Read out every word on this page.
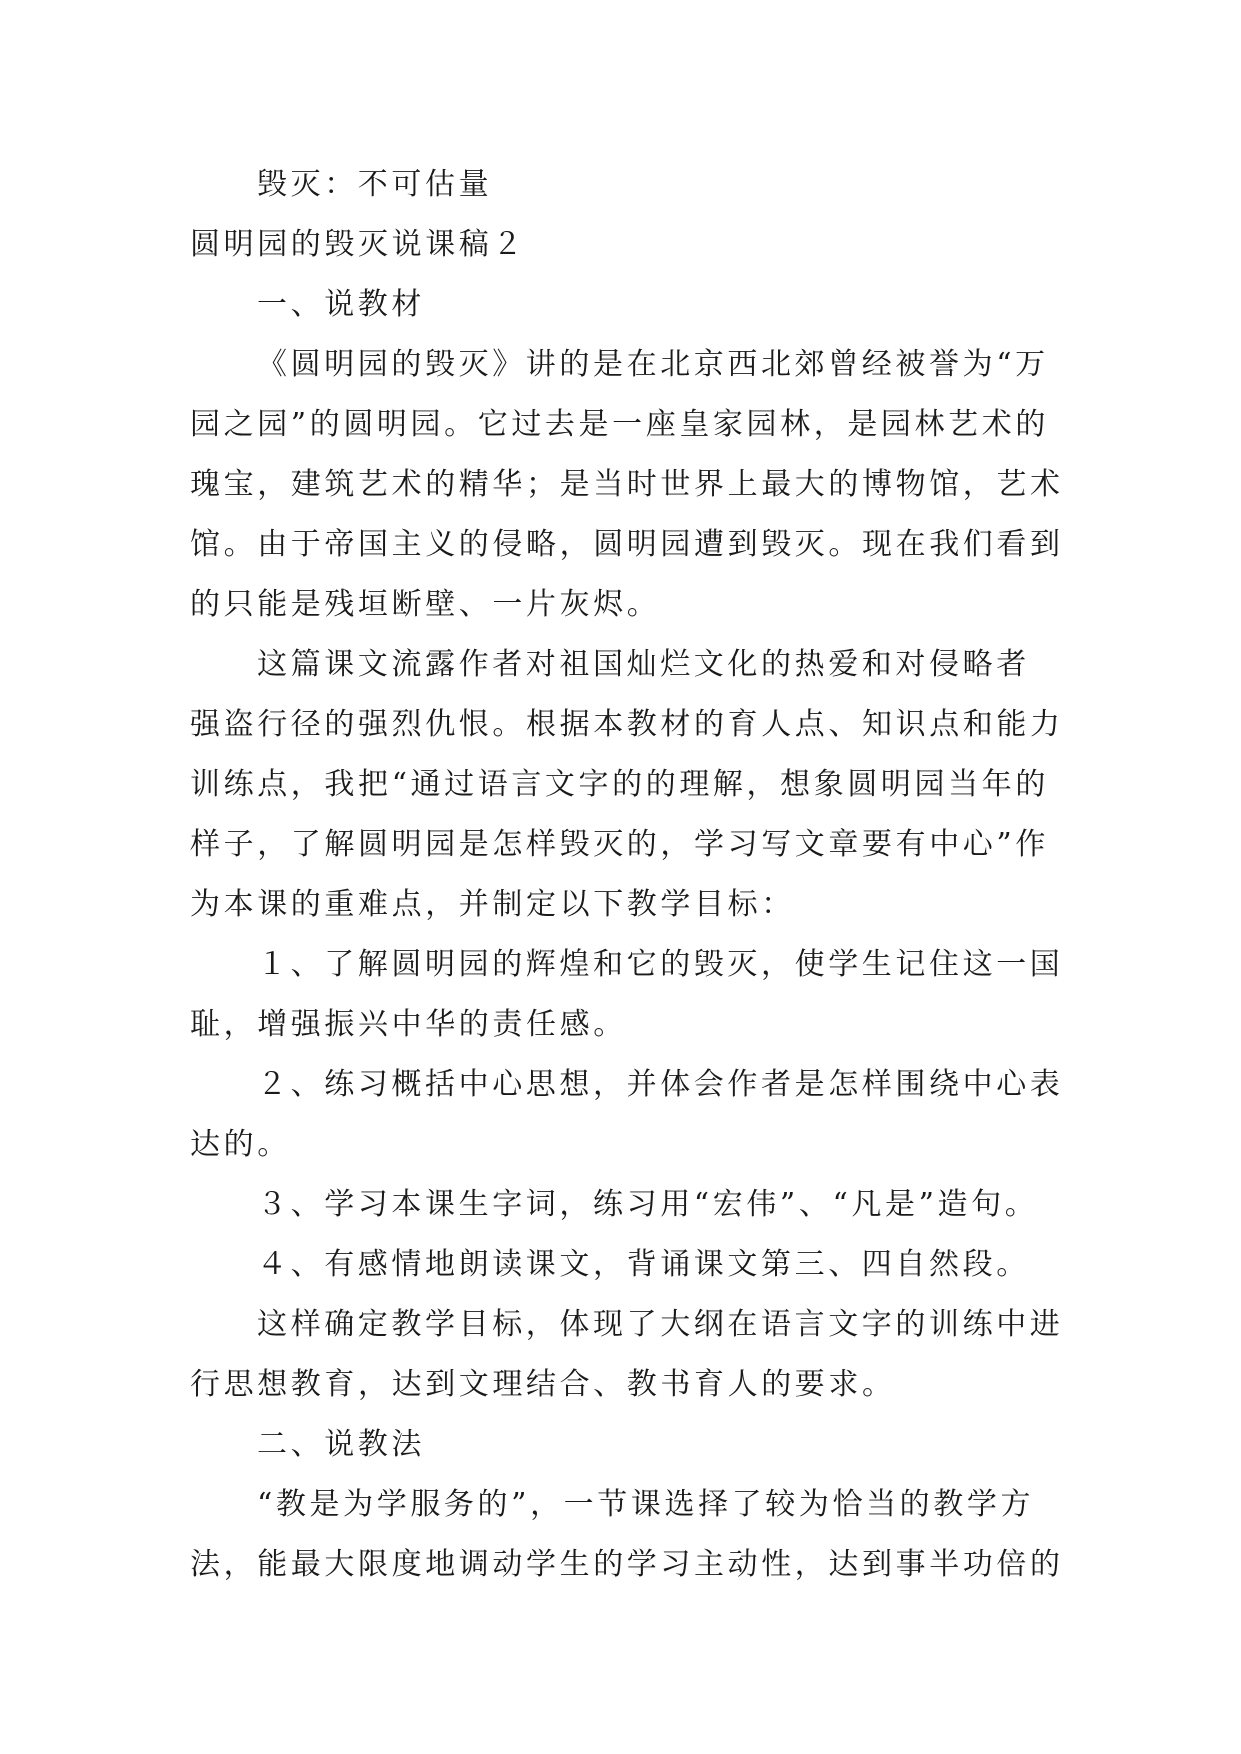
毁灭：不可估量
圆明园的毁灭说课稿２
一、说教材
《圆明园的毁灭》讲的是在北京西北郊曾经被誉为“万
园之园”的圆明园。它过去是一座皇家园林，是园林艺术的
瑰宝，建筑艺术的精华；是当时世界上最大的博物馆，艺术
馆。由于帝国主义的侵略，圆明园遭到毁灭。现在我们看到
的只能是残垣断壁、一片灰烬。
这篇课文流露作者对祖国灿烂文化的热爱和对侵略者
强盗行径的强烈仇恨。根据本教材的育人点、知识点和能力
训练点，我把“通过语言文字的的理解，想象圆明园当年的
样子，了解圆明园是怎样毁灭的，学习写文章要有中心”作
为本课的重难点，并制定以下教学目标：
１、了解圆明园的辉煌和它的毁灭，使学生记住这一国
耻，增强振兴中华的责任感。
２、练习概括中心思想，并体会作者是怎样围绕中心表
达的。
３、学习本课生字词，练习用“宏伟”、“凡是”造句。
４、有感情地朗读课文，背诵课文第三、四自然段。
这样确定教学目标，体现了大纲在语言文字的训练中进
行思想教育，达到文理结合、教书育人的要求。
二、说教法
“教是为学服务的”，一节课选择了较为恰当的教学方
法，能最大限度地调动学生的学习主动性，达到事半功倍的
